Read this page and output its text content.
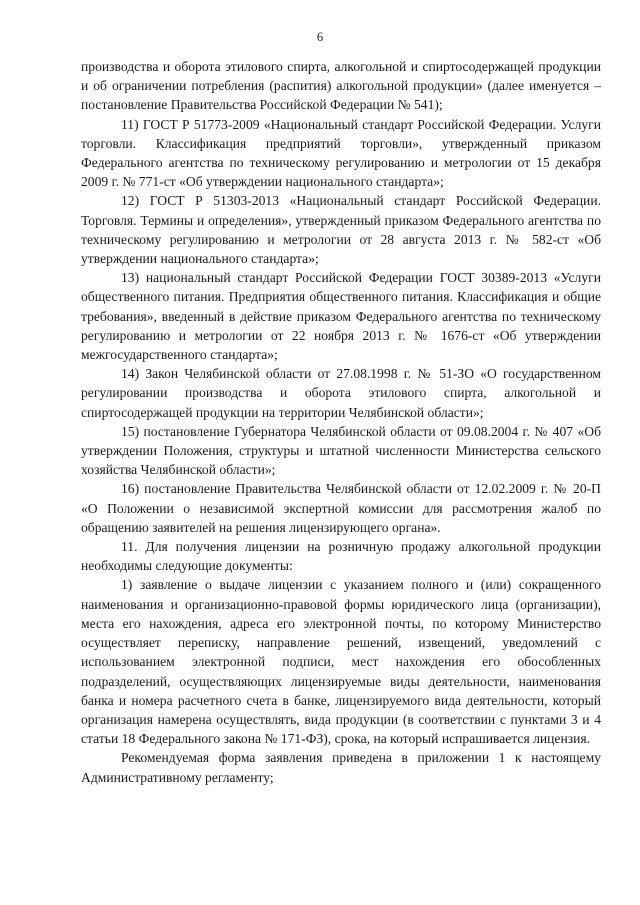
6

производства и оборота этилового спирта, алкогольной и спиртосодержащей продукции и об ограничении потребления (распития) алкогольной продукции» (далее именуется – постановление Правительства Российской Федерации № 541);

11) ГОСТ Р 51773-2009 «Национальный стандарт Российской Федерации. Услуги торговли. Классификация предприятий торговли», утвержденный приказом Федерального агентства по техническому регулированию и метрологии от 15 декабря 2009 г. № 771-ст «Об утверждении национального стандарта»;

12) ГОСТ Р 51303-2013 «Национальный стандарт Российской Федерации. Торговля. Термины и определения», утвержденный приказом Федерального агентства по техническому регулированию и метрологии от 28 августа 2013 г. № 582-ст «Об утверждении национального стандарта»;

13) национальный стандарт Российской Федерации ГОСТ 30389-2013 «Услуги общественного питания. Предприятия общественного питания. Классификация и общие требования», введенный в действие приказом Федерального агентства по техническому регулированию и метрологии от 22 ноября 2013 г. № 1676-ст «Об утверждении межгосударственного стандарта»;

14) Закон Челябинской области от 27.08.1998 г. № 51-ЗО «О государственном регулировании производства и оборота этилового спирта, алкогольной и спиртосодержащей продукции на территории Челябинской области»;

15) постановление Губернатора Челябинской области от 09.08.2004 г. № 407 «Об утверждении Положения, структуры и штатной численности Министерства сельского хозяйства Челябинской области»;

16) постановление Правительства Челябинской области от 12.02.2009 г. № 20-П «О Положении о независимой экспертной комиссии для рассмотрения жалоб по обращению заявителей на решения лицензирующего органа».

11. Для получения лицензии на розничную продажу алкогольной продукции необходимы следующие документы:

1) заявление о выдаче лицензии с указанием полного и (или) сокращенного наименования и организационно-правовой формы юридического лица (организации), места его нахождения, адреса его электронной почты, по которому Министерство осуществляет переписку, направление решений, извещений, уведомлений с использованием электронной подписи, мест нахождения его обособленных подразделений, осуществляющих лицензируемые виды деятельности, наименования банка и номера расчетного счета в банке, лицензируемого вида деятельности, который организация намерена осуществлять, вида продукции (в соответствии с пунктами 3 и 4 статьи 18 Федерального закона № 171-ФЗ), срока, на который испрашивается лицензия.

Рекомендуемая форма заявления приведена в приложении 1 к настоящему Административному регламенту;
